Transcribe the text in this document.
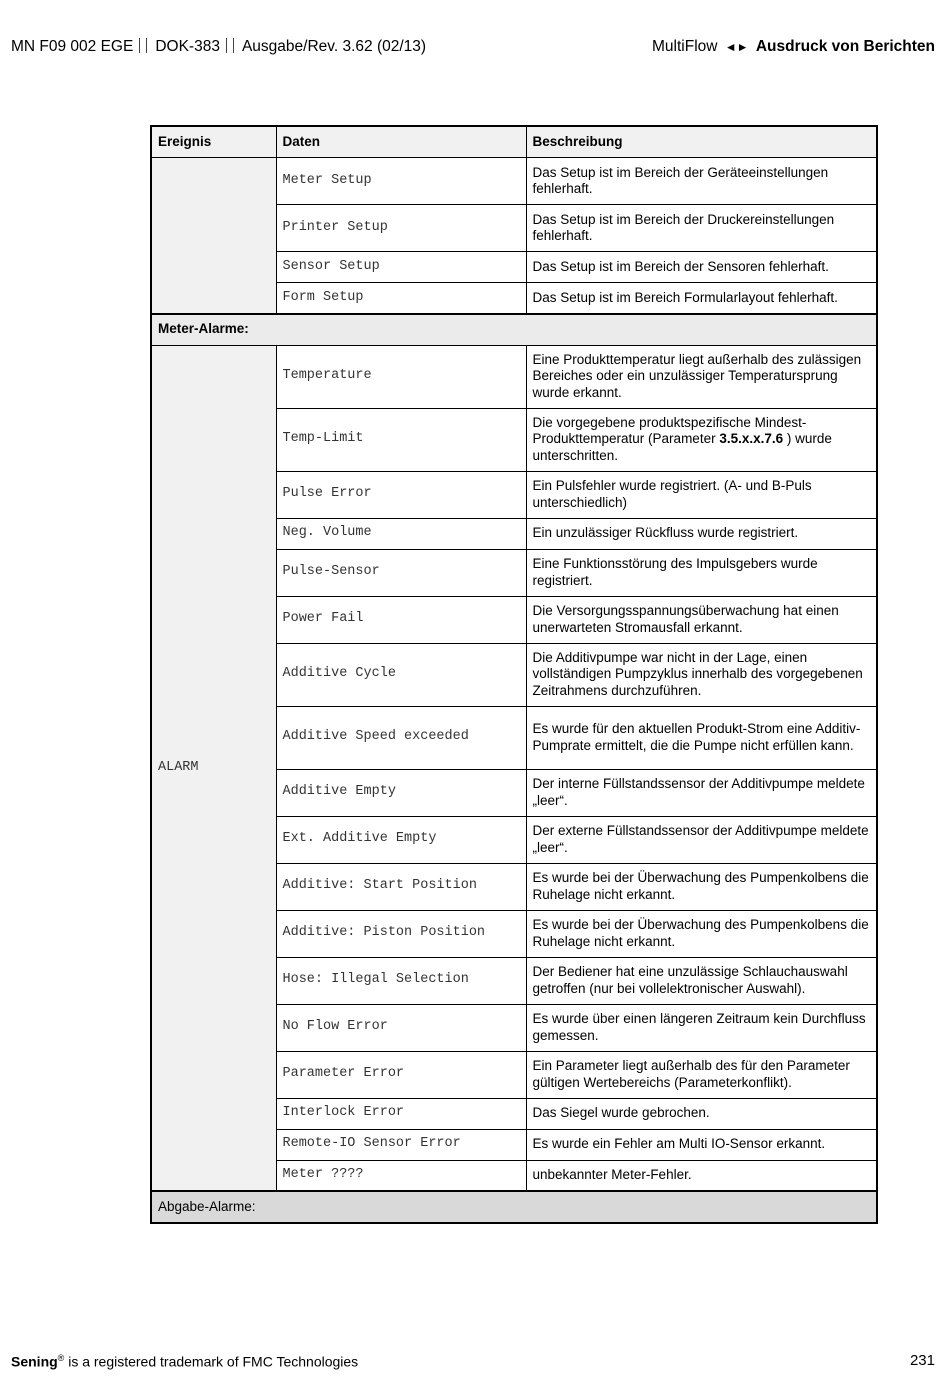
MN F09 002 EGE DOK-383 Ausgabe/Rev. 3.62 (02/13)	MultiFlow ◄► Ausdruck von Berichten
Ereignis	Daten	Beschreibung
	Meter Setup	Das Setup ist im Bereich der Geräteeinstellungen fehlerhaft.
	Printer Setup	Das Setup ist im Bereich der Druckereinstellungen fehlerhaft.
	Sensor Setup	Das Setup ist im Bereich der Sensoren fehlerhaft.
	Form Setup	Das Setup ist im Bereich Formularlayout fehlerhaft.
Meter-Alarme:		
ALARM	Temperature	Eine Produkttemperatur liegt außerhalb des zulässigen Bereiches oder ein unzulässiger Temperatursprung wurde erkannt.
	Temp-Limit	Die vorgegebene produktspezifische Mindest-Produkttemperatur (Parameter 3.5.x.x.7.6 ) wurde unterschritten.
	Pulse Error	Ein Pulsfehler wurde registriert. (A- und B-Puls unterschiedlich)
	Neg. Volume	Ein unzulässiger Rückfluss wurde registriert.
	Pulse-Sensor	Eine Funktionsstörung des Impulsgebers wurde registriert.
	Power Fail	Die Versorgungsspannungsüberwachung hat einen unerwarteten Stromausfall erkannt.
	Additive Cycle	Die Additivpumpe war nicht in der Lage, einen vollständigen Pumpzyklus innerhalb des vorgegebenen Zeitrahmens durchzuführen.
	Additive Speed exceeded	Es wurde für den aktuellen Produkt-Strom eine Additiv-Pumprate ermittelt, die die Pumpe nicht erfüllen kann.
	Additive Empty	Der interne Füllstandssensor der Additivpumpe meldete „leer“.
	Ext. Additive Empty	Der externe Füllstandssensor der Additivpumpe meldete „leer“.
	Additive: Start Position	Es wurde bei der Überwachung des Pumpenkolbens die Ruhelage nicht erkannt.
	Additive: Piston Position	Es wurde bei der Überwachung des Pumpenkolbens die Ruhelage nicht erkannt.
	Hose: Illegal Selection	Der Bediener hat eine unzulässige Schlauchauswahl getroffen (nur bei vollelektronischer Auswahl).
	No Flow Error	Es wurde über einen längeren Zeitraum kein Durchfluss gemessen.
	Parameter Error	Ein Parameter liegt außerhalb des für den Parameter gültigen Wertebereichs (Parameterkonflikt).
	Interlock Error	Das Siegel wurde gebrochen.
	Remote-IO Sensor Error	Es wurde ein Fehler am Multi IO-Sensor erkannt.
	Meter ????	unbekannter Meter-Fehler.
Abgabe-Alarme:		
Sening® is a registered trademark of FMC Technologies	231
